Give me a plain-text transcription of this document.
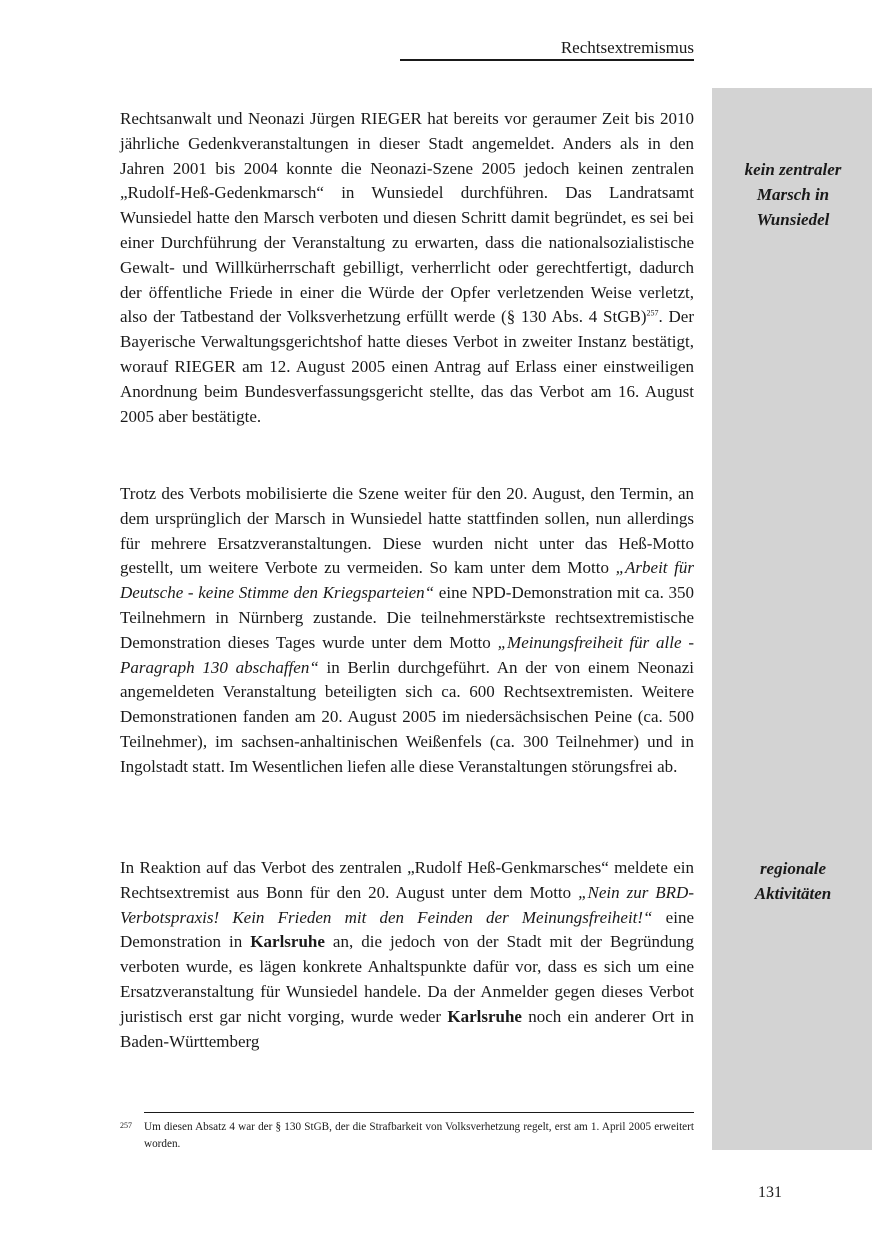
Rechtsextremismus
kein zentraler
Marsch in
Wunsiedel
regionale
Aktivitäten

Rechtsanwalt und Neonazi Jürgen RIEGER hat bereits vor geraumer Zeit bis 2010 jährliche Gedenkveranstaltungen in dieser Stadt angemeldet. Anders als in den Jahren 2001 bis 2004 konnte die Neonazi-Szene 2005 jedoch keinen zentralen „Rudolf-Heß-Gedenkmarsch“ in Wunsiedel durchführen. Das Landratsamt Wunsiedel hatte den Marsch verboten und diesen Schritt damit begründet, es sei bei einer Durchführung der Veranstaltung zu erwarten, dass die nationalsozialistische Gewalt- und Willkürherrschaft gebilligt, verherrlicht oder gerechtfertigt, dadurch der öffentliche Friede in einer die Würde der Opfer verletzenden Weise verletzt, also der Tatbestand der Volksverhetzung erfüllt werde (§ 130 Abs. 4 StGB)$^{257}$. Der Bayerische Verwaltungsgerichtshof hatte dieses Verbot in zweiter Instanz bestätigt, worauf RIEGER am 12. August 2005 einen Antrag auf Erlass einer einstweiligen Anordnung beim Bundesverfassungsgericht stellte, das das Verbot am 16. August 2005 aber bestätigte.

Trotz des Verbots mobilisierte die Szene weiter für den 20. August, den Termin, an dem ursprünglich der Marsch in Wunsiedel hatte stattfinden sollen, nun allerdings für mehrere Ersatzveranstaltungen. Diese wurden nicht unter das Heß-Motto gestellt, um weitere Verbote zu vermeiden. So kam unter dem Motto „Arbeit für Deutsche - keine Stimme den Kriegsparteien“ eine NPD-Demonstration mit ca. 350 Teilnehmern in Nürnberg zustande. Die teilnehmerstärkste rechtsextremistische Demonstration dieses Tages wurde unter dem Motto „Meinungsfreiheit für alle - Paragraph 130 abschaffen“ in Berlin durchgeführt. An der von einem Neonazi angemeldeten Veranstaltung beteiligten sich ca. 600 Rechtsextremisten. Weitere Demonstrationen fanden am 20. August 2005 im niedersächsischen Peine (ca. 500 Teilnehmer), im sachsen-anhaltinischen Weißenfels (ca. 300 Teilnehmer) und in Ingolstadt statt. Im Wesentlichen liefen alle diese Veranstaltungen störungsfrei ab.

In Reaktion auf das Verbot des zentralen „Rudolf Heß-Genkmarsches“ meldete ein Rechtsextremist aus Bonn für den 20. August unter dem Motto „Nein zur BRD-Verbotspraxis! Kein Frieden mit den Feinden der Meinungsfreiheit!“ eine Demonstration in Karlsruhe an, die jedoch von der Stadt mit der Begründung verboten wurde, es lägen konkrete Anhaltspunkte dafür vor, dass es sich um eine Ersatzveranstaltung für Wunsiedel handele. Da der Anmelder gegen dieses Verbot juristisch erst gar nicht vorging, wurde weder Karlsruhe noch ein anderer Ort in Baden-Württemberg

257 Um diesen Absatz 4 war der § 130 StGB, der die Strafbarkeit von Volksverhetzung regelt, erst am 1. April 2005 erweitert worden.

131
